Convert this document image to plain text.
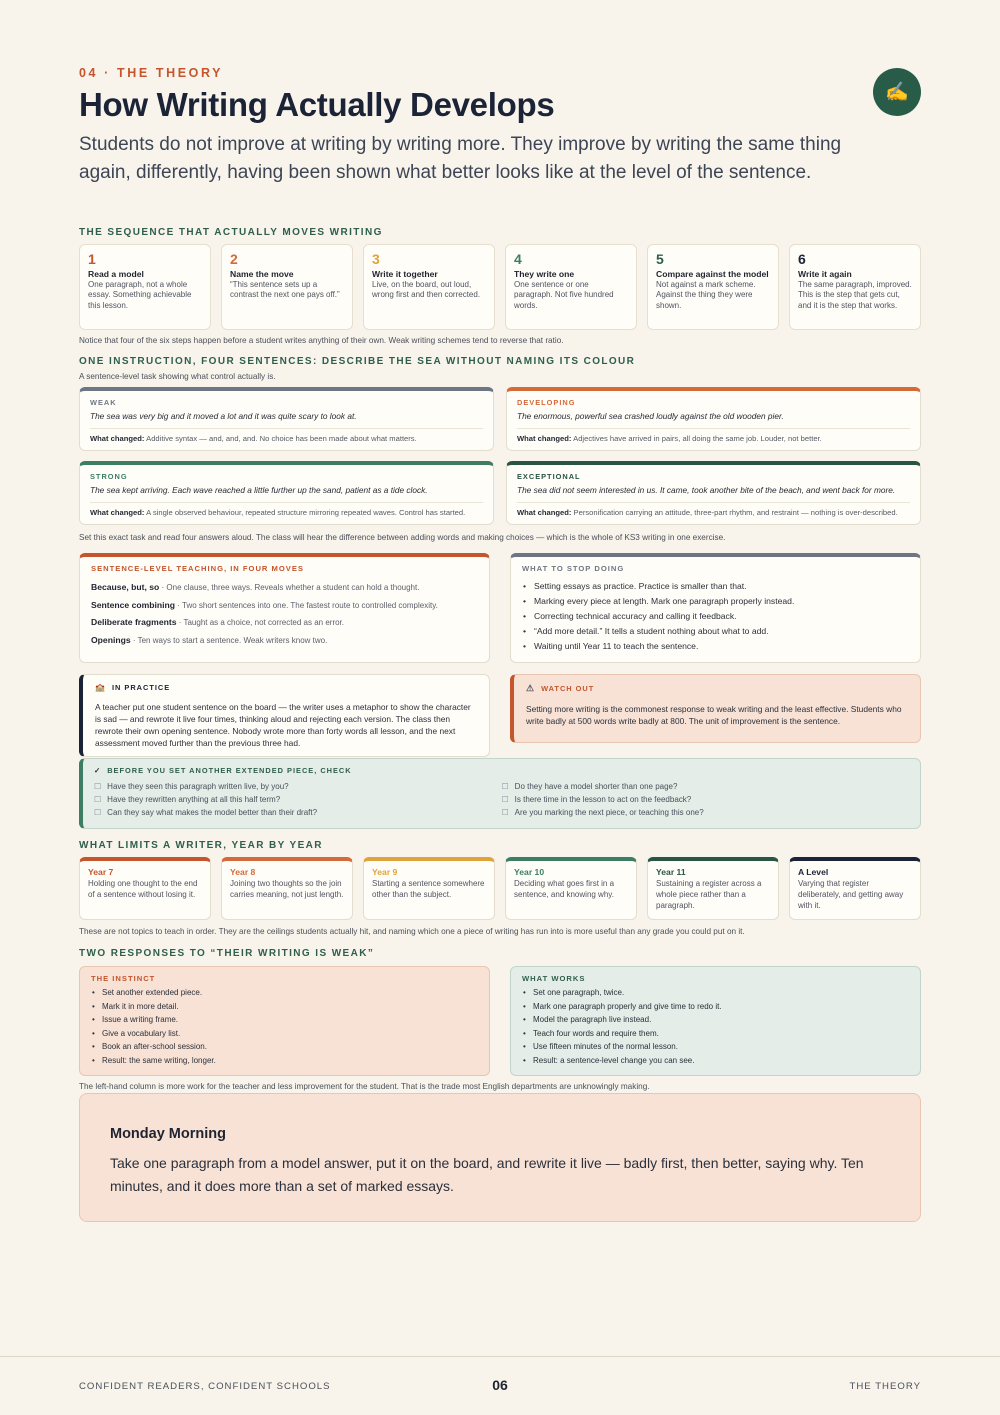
04 · THE THEORY
How Writing Actually Develops	✍

Students do not improve at writing by writing more. They improve by writing the same thing again, differently, having been shown what better looks like at the level of the sentence.

THE SEQUENCE THAT ACTUALLY MOVES WRITING
1
Read a model
One paragraph, not a whole essay. Something achievable this lesson.
2
Name the move
“This sentence sets up a contrast the next one pays off.”
3
Write it together
Live, on the board, out loud, wrong first and then corrected.
4
They write one
One sentence or one paragraph. Not five hundred words.
5
Compare against the model
Not against a mark scheme. Against the thing they were shown.
6
Write it again
The same paragraph, improved. This is the step that gets cut, and it is the step that works.
Notice that four of the six steps happen before a student writes anything of their own. Weak writing schemes tend to reverse that ratio.
ONE INSTRUCTION, FOUR SENTENCES: DESCRIBE THE SEA WITHOUT NAMING ITS COLOUR
A sentence-level task showing what control actually is.
WEAK
The sea was very big and it moved a lot and it was quite scary to look at.
What changed: Additive syntax — and, and, and. No choice has been made about what matters.
DEVELOPING
The enormous, powerful sea crashed loudly against the old wooden pier.
What changed: Adjectives have arrived in pairs, all doing the same job. Louder, not better.
STRONG
The sea kept arriving. Each wave reached a little further up the sand, patient as a tide clock.
What changed: A single observed behaviour, repeated structure mirroring repeated waves. Control has started.
EXCEPTIONAL
The sea did not seem interested in us. It came, took another bite of the beach, and went back for more.
What changed: Personification carrying an attitude, three-part rhythm, and restraint — nothing is over-described.
Set this exact task and read four answers aloud. The class will hear the difference between adding words and making choices — which is the whole of KS3 writing in one exercise.
SENTENCE-LEVEL TEACHING, IN FOUR MOVES
Because, but, so · One clause, three ways. Reveals whether a student can hold a thought.
Sentence combining · Two short sentences into one. The fastest route to controlled complexity.
Deliberate fragments · Taught as a choice, not corrected as an error.
Openings · Ten ways to start a sentence. Weak writers know two.
WHAT TO STOP DOING
• Setting essays as practice. Practice is smaller than that.
• Marking every piece at length. Mark one paragraph properly instead.
• Correcting technical accuracy and calling it feedback.
• “Add more detail.” It tells a student nothing about what to add.
• Waiting until Year 11 to teach the sentence.
🏫 IN PRACTICE
A teacher put one student sentence on the board — the writer uses a metaphor to show the character is sad — and rewrote it live four times, thinking aloud and rejecting each version. The class then rewrote their own opening sentence. Nobody wrote more than forty words all lesson, and the next assessment moved further than the previous three had.
⚠ WATCH OUT
Setting more writing is the commonest response to weak writing and the least effective. Students who write badly at 500 words write badly at 800. The unit of improvement is the sentence.
✓ BEFORE YOU SET ANOTHER EXTENDED PIECE, CHECK
☐ Have they seen this paragraph written live, by you?
☐ Have they rewritten anything at all this half term?
☐ Can they say what makes the model better than their draft?
☐ Do they have a model shorter than one page?
☐ Is there time in the lesson to act on the feedback?
☐ Are you marking the next piece, or teaching this one?
WHAT LIMITS A WRITER, YEAR BY YEAR
Year 7
Holding one thought to the end of a sentence without losing it.
Year 8
Joining two thoughts so the join carries meaning, not just length.
Year 9
Starting a sentence somewhere other than the subject.
Year 10
Deciding what goes first in a sentence, and knowing why.
Year 11
Sustaining a register across a whole piece rather than a paragraph.
A Level
Varying that register deliberately, and getting away with it.
These are not topics to teach in order. They are the ceilings students actually hit, and naming which one a piece of writing has run into is more useful than any grade you could put on it.
TWO RESPONSES TO “THEIR WRITING IS WEAK”
THE INSTINCT
• Set another extended piece.
• Mark it in more detail.
• Issue a writing frame.
• Give a vocabulary list.
• Book an after-school session.
• Result: the same writing, longer.
WHAT WORKS
• Set one paragraph, twice.
• Mark one paragraph properly and give time to redo it.
• Model the paragraph live instead.
• Teach four words and require them.
• Use fifteen minutes of the normal lesson.
• Result: a sentence-level change you can see.
The left-hand column is more work for the teacher and less improvement for the student. That is the trade most English departments are unknowingly making.
Monday Morning
Take one paragraph from a model answer, put it on the board, and rewrite it live — badly first, then better, saying why. Ten minutes, and it does more than a set of marked essays.
CONFIDENT READERS, CONFIDENT SCHOOLS	06	THE THEORY
